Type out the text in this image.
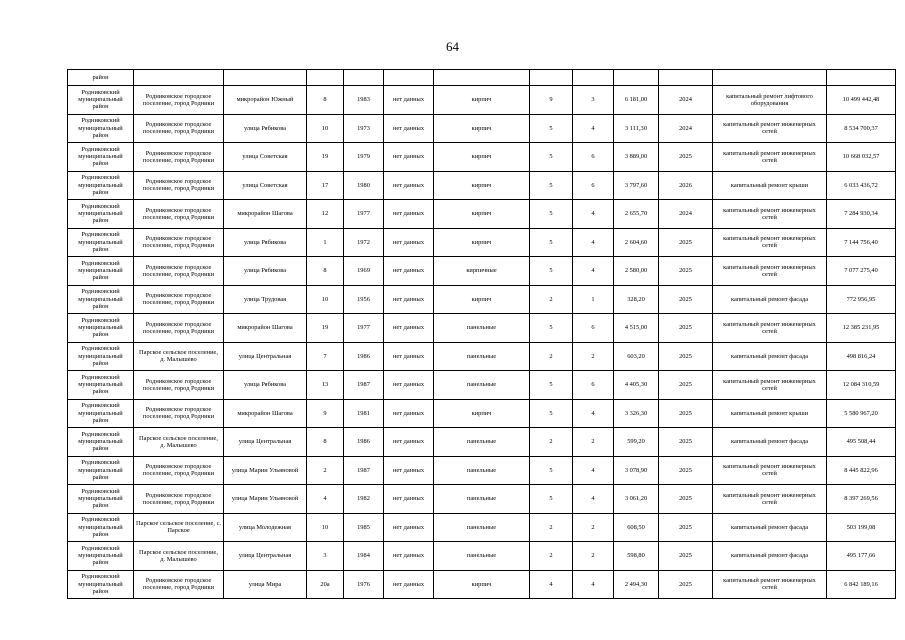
64
район												
Родниковский муниципальный район	Родниковское городское поселение, город Родники	микрорайон Южный	8	1983	нет данных	кирпич	9	3	6 181,00	2024	капитальный ремонт лифтового оборудования	10 499 442,48
Родниковский муниципальный район	Родниковское городское поселение, город Родники	улица Рябикова	10	1973	нет данных	кирпич	5	4	3 111,30	2024	капитальный ремонт инженерных сетей	8 534 700,37
Родниковский муниципальный район	Родниковское городское поселение, город Родники	улица Советская	19	1979	нет данных	кирпич	5	6	3 889,00	2025	капитальный ремонт инженерных сетей	10 668 032,57
Родниковский муниципальный район	Родниковское городское поселение, город Родники	улица Советская	17	1980	нет данных	кирпич	5	6	3 797,60	2026	капитальный ремонт крыши	6 033 436,72
Родниковский муниципальный район	Родниковское городское поселение, город Родники	микрорайон Шагова	12	1977	нет данных	кирпич	5	4	2 655,70	2024	капитальный ремонт инженерных сетей	7 284 930,34
Родниковский муниципальный район	Родниковское городское поселение, город Родники	улица Рябикова	1	1972	нет данных	кирпич	5	4	2 604,60	2025	капитальный ремонт инженерных сетей	7 144 756,40
Родниковский муниципальный район	Родниковское городское поселение, город Родники	улица Рябикова	8	1969	нет данных	кирпичные	5	4	2 580,00	2025	капитальный ремонт инженерных сетей	7 077 275,40
Родниковский муниципальный район	Родниковское городское поселение, город Родники	улица Трудовая	10	1956	нет данных	кирпич	2	1	328,20	2025	капитальный ремонт фасада	772 956,95
Родниковский муниципальный район	Родниковское городское поселение, город Родники	микрорайон Шагова	19	1977	нет данных	панельные	5	6	4 515,00	2025	капитальный ремонт инженерных сетей	12 385 231,95
Родниковский муниципальный район	Парское сельское поселение, д. Малышево	улица Центральная	7	1986	нет данных	панельные	2	2	603,20	2025	капитальный ремонт фасада	498 816,24
Родниковский муниципальный район	Родниковское городское поселение, город Родники	улица Рябикова	13	1987	нет данных	панельные	5	6	4 405,30	2025	капитальный ремонт инженерных сетей	12 084 310,59
Родниковский муниципальный район	Родниковское городское поселение, город Родники	микрорайон Шагова	9	1981	нет данных	кирпич	5	4	3 326,30	2025	капитальный ремонт крыши	5 580 967,20
Родниковский муниципальный район	Парское сельское поселение, д. Малышево	улица Центральная	8	1986	нет данных	панельные	2	2	599,20	2025	капитальный ремонт фасада	495 508,44
Родниковский муниципальный район	Родниковское городское поселение, город Родники	улица Марии Ульяновой	2	1987	нет данных	панельные	5	4	3 078,90	2025	капитальный ремонт инженерных сетей	8 445 822,96
Родниковский муниципальный район	Родниковское городское поселение, город Родники	улица Марии Ульяновой	4	1982	нет данных	панельные	5	4	3 061,20	2025	капитальный ремонт инженерных сетей	8 397 269,56
Родниковский муниципальный район	Парское сельское поселение, с. Парское	улица Молодежная	10	1985	нет данных	панельные	2	2	608,50	2025	капитальный ремонт фасада	503 199,08
Родниковский муниципальный район	Парское сельское поселение, д. Малышево	улица Центральная	3	1984	нет данных	панельные	2	2	598,80	2025	капитальный ремонт фасада	495 177,66
Родниковский муниципальный район	Родниковское городское поселение, город Родники	улица Мира	20а	1976	нет данных	кирпич	4	4	2 494,30	2025	капитальный ремонт инженерных сетей	6 842 189,16
